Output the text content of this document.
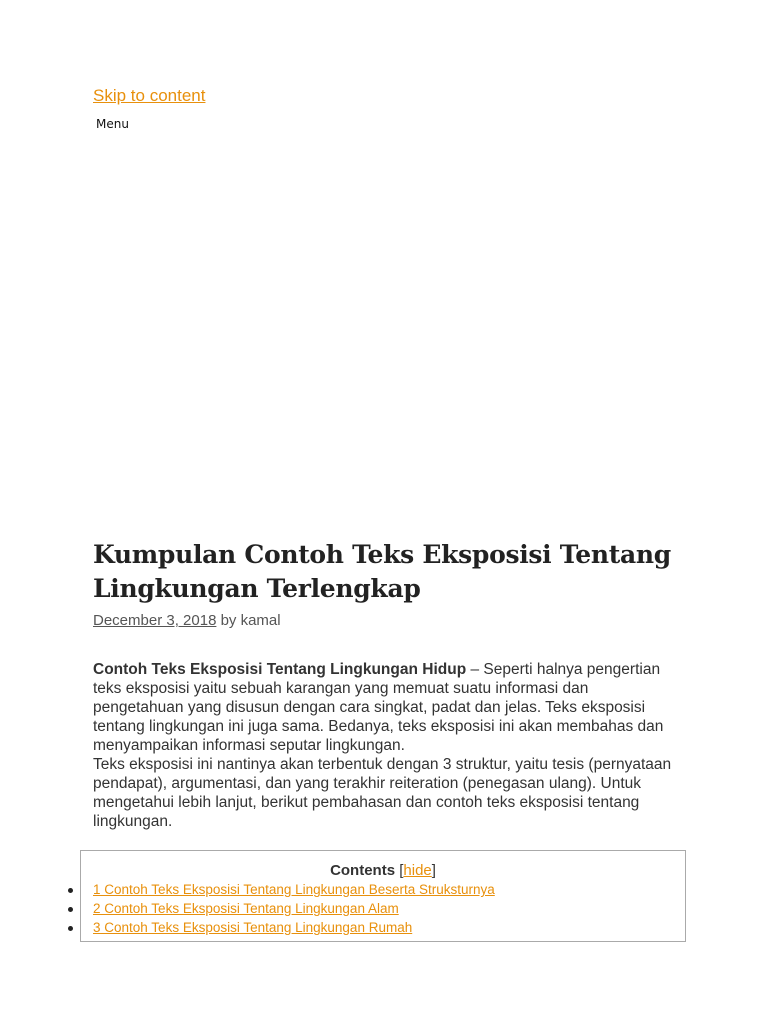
Skip to content
Menu
Kumpulan Contoh Teks Eksposisi Tentang Lingkungan Terlengkap
December 3, 2018 by kamal

Contoh Teks Eksposisi Tentang Lingkungan Hidup – Seperti halnya pengertian teks eksposisi yaitu sebuah karangan yang memuat suatu informasi dan pengetahuan yang disusun dengan cara singkat, padat dan jelas. Teks eksposisi tentang lingkungan ini juga sama. Bedanya, teks eksposisi ini akan membahas dan menyampaikan informasi seputar lingkungan.

Teks eksposisi ini nantinya akan terbentuk dengan 3 struktur, yaitu tesis (pernyataan pendapat), argumentasi, dan yang terakhir reiteration (penegasan ulang). Untuk mengetahui lebih lanjut, berikut pembahasan dan contoh teks eksposisi tentang lingkungan.

Contents [hide]
1 Contoh Teks Eksposisi Tentang Lingkungan Beserta Struksturnya
2 Contoh Teks Eksposisi Tentang Lingkungan Alam
3 Contoh Teks Eksposisi Tentang Lingkungan Rumah
